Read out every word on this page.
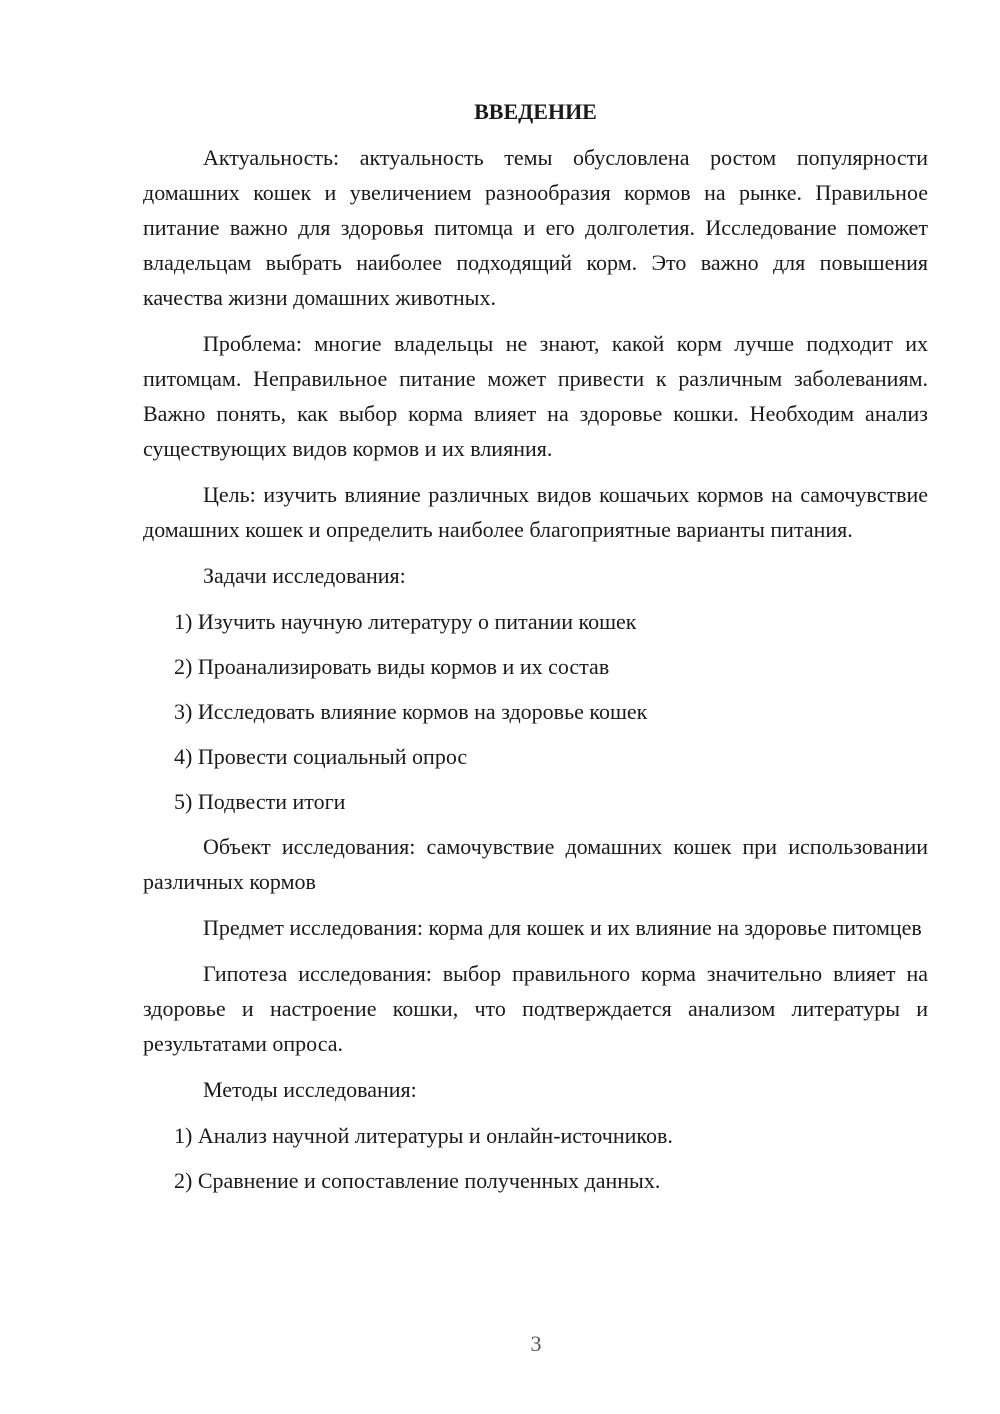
ВВЕДЕНИЕ

Актуальность: актуальность темы обусловлена ростом популярности домашних кошек и увеличением разнообразия кормов на рынке. Правильное питание важно для здоровья питомца и его долголетия. Исследование поможет владельцам выбрать наиболее подходящий корм. Это важно для повышения качества жизни домашних животных.

Проблема: многие владельцы не знают, какой корм лучше подходит их питомцам. Неправильное питание может привести к различным заболеваниям. Важно понять, как выбор корма влияет на здоровье кошки. Необходим анализ существующих видов кормов и их влияния.

Цель: изучить влияние различных видов кошачьих кормов на самочувствие домашних кошек и определить наиболее благоприятные варианты питания.

Задачи исследования:
1) Изучить научную литературу о питании кошек
2) Проанализировать виды кормов и их состав
3) Исследовать влияние кормов на здоровье кошек
4) Провести социальный опрос
5) Подвести итоги

Объект исследования: самочувствие домашних кошек при использовании различных кормов

Предмет исследования: корма для кошек и их влияние на здоровье питомцев

Гипотеза исследования: выбор правильного корма значительно влияет на здоровье и настроение кошки, что подтверждается анализом литературы и результатами опроса.

Методы исследования:
1) Анализ научной литературы и онлайн-источников.
2) Сравнение и сопоставление полученных данных.
3
